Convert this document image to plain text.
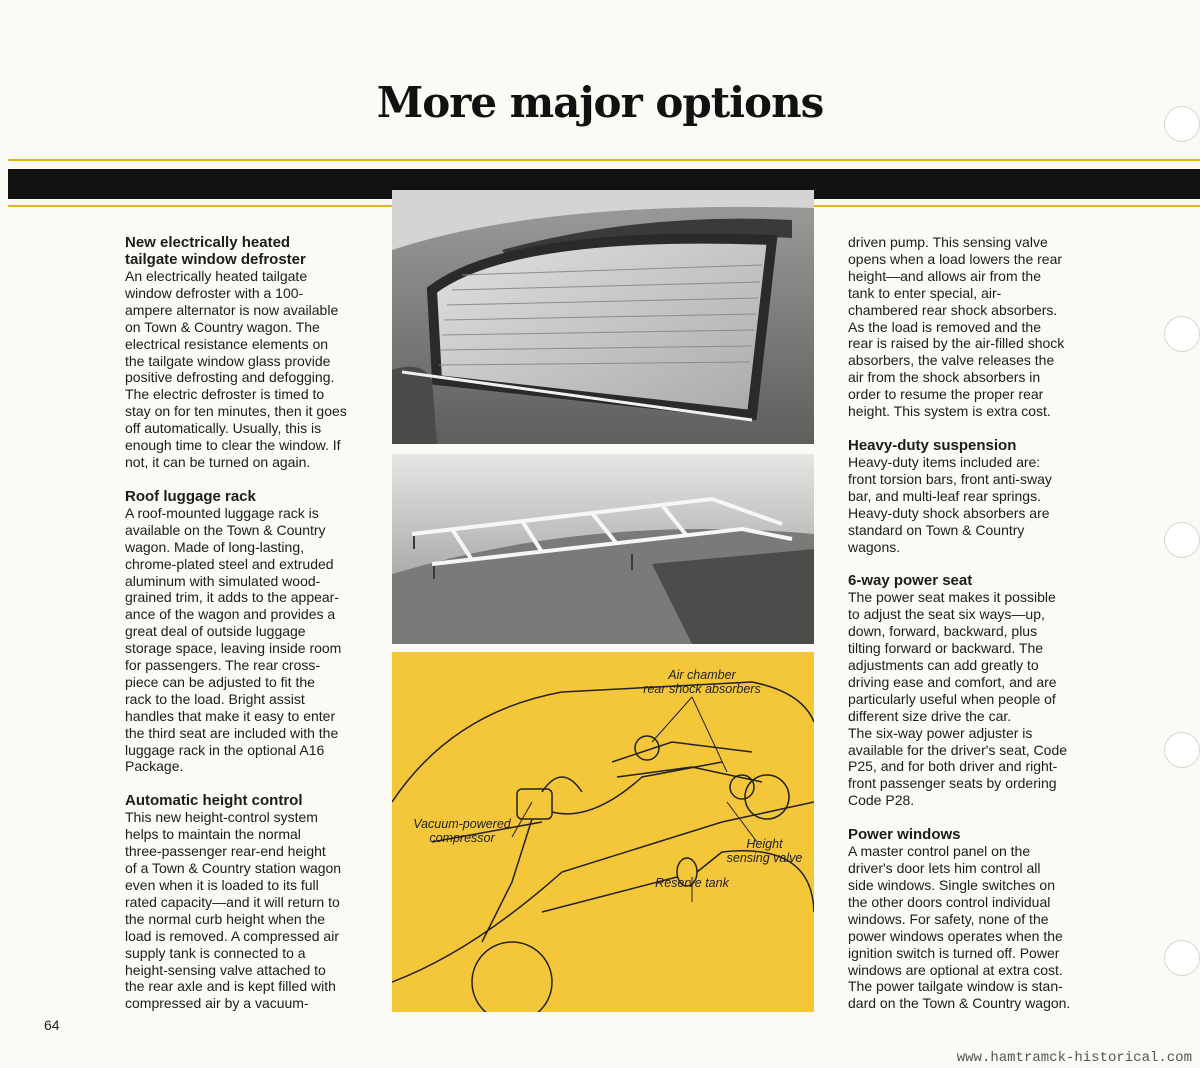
More major options
New electrically heated
tailgate window defroster

An electrically heated tailgate
window defroster with a 100-
ampere alternator is now available
on Town & Country wagon. The
electrical resistance elements on
the tailgate window glass provide
positive defrosting and defogging.
The electric defroster is timed to
stay on for ten minutes, then it goes
off automatically. Usually, this is
enough time to clear the window. If
not, it can be turned on again.

Roof luggage rack

A roof-mounted luggage rack is
available on the Town & Country
wagon. Made of long-lasting,
chrome-plated steel and extruded
aluminum with simulated wood-
grained trim, it adds to the appear-
ance of the wagon and provides a
great deal of outside luggage
storage space, leaving inside room
for passengers. The rear cross-
piece can be adjusted to fit the
rack to the load. Bright assist
handles that make it easy to enter
the third seat are included with the
luggage rack in the optional A16
Package.

Automatic height control

This new height-control system
helps to maintain the normal
three-passenger rear-end height
of a Town & Country station wagon
even when it is loaded to its full
rated capacity—and it will return to
the normal curb height when the
load is removed. A compressed air
supply tank is connected to a
height-sensing valve attached to
the rear axle and is kept filled with
compressed air by a vacuum-

Air chamber
rear shock absorbers
Vacuum-powered
compressor	Height
sensing valve
Reserve tank

driven pump. This sensing valve
opens when a load lowers the rear
height—and allows air from the
tank to enter special, air-
chambered rear shock absorbers.
As the load is removed and the
rear is raised by the air-filled shock
absorbers, the valve releases the
air from the shock absorbers in
order to resume the proper rear
height. This system is extra cost.

Heavy-duty suspension

Heavy-duty items included are:
front torsion bars, front anti-sway
bar, and multi-leaf rear springs.
Heavy-duty shock absorbers are
standard on Town & Country
wagons.

6-way power seat

The power seat makes it possible
to adjust the seat six ways—up,
down, forward, backward, plus
tilting forward or backward. The
adjustments can add greatly to
driving ease and comfort, and are
particularly useful when people of
different size drive the car.
The six-way power adjuster is
available for the driver's seat, Code
P25, and for both driver and right-
front passenger seats by ordering
Code P28.

Power windows

A master control panel on the
driver's door lets him control all
side windows. Single switches on
the other doors control individual
windows. For safety, none of the
power windows operates when the
ignition switch is turned off. Power
windows are optional at extra cost.
The power tailgate window is stan-
dard on the Town & Country wagon.

64
www.hamtramck-historical.com
